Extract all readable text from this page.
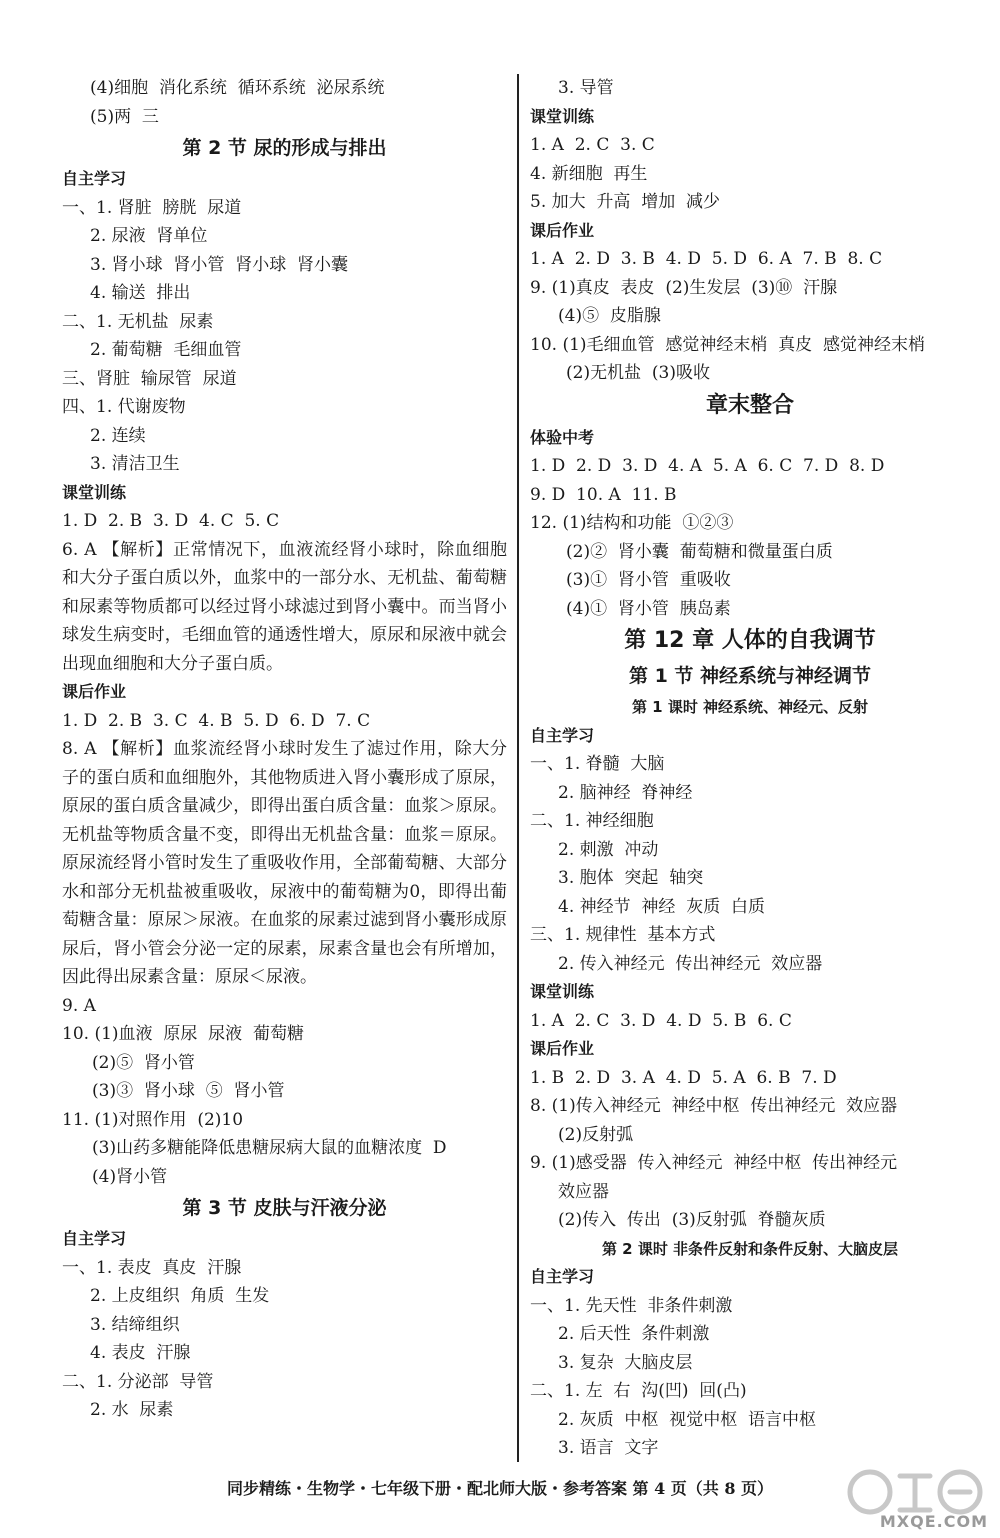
(4)细胞  消化系统  循环系统  泌尿系统
(5)两  三
第 2 节 尿的形成与排出
自主学习
一、1. 肾脏  膀胱  尿道
2. 尿液  肾单位
3. 肾小球  肾小管  肾小球  肾小囊
4. 输送  排出
二、1. 无机盐  尿素
2. 葡萄糖  毛细血管
三、肾脏  输尿管  尿道
四、1. 代谢废物
2. 连续
3. 清洁卫生
课堂训练
1. D  2. B  3. D  4. C  5. C
6. A 【解析】正常情况下，血液流经肾小球时，除血细胞和大分子蛋白质以外，血浆中的一部分水、无机盐、葡萄糖和尿素等物质都可以经过肾小球滤过到肾小囊中。而当肾小球发生病变时，毛细血管的通透性增大，原尿和尿液中就会出现血细胞和大分子蛋白质。
课后作业
1. D  2. B  3. C  4. B  5. D  6. D  7. C
8. A 【解析】血浆流经肾小球时发生了滤过作用，除大分子的蛋白质和血细胞外，其他物质进入肾小囊形成了原尿，原尿的蛋白质含量减少，即得出蛋白质含量：血浆＞原尿。无机盐等物质含量不变，即得出无机盐含量：血浆＝原尿。原尿流经肾小管时发生了重吸收作用，全部葡萄糖、大部分水和部分无机盐被重吸收，尿液中的葡萄糖为0，即得出葡萄糖含量：原尿＞尿液。在血浆的尿素过滤到肾小囊形成原尿后，肾小管会分泌一定的尿素，尿素含量也会有所增加，因此得出尿素含量：原尿＜尿液。
9. A
10. (1)血液  原尿  尿液  葡萄糖
(2)⑤  肾小管
(3)③  肾小球  ⑤  肾小管
11. (1)对照作用  (2)10
(3)山药多糖能降低患糖尿病大鼠的血糖浓度  D
(4)肾小管
第 3 节 皮肤与汗液分泌
自主学习
一、1. 表皮  真皮  汗腺
2. 上皮组织  角质  生发
3. 结缔组织
4. 表皮  汗腺
二、1. 分泌部  导管
2. 水  尿素
3. 导管
课堂训练
1. A  2. C  3. C
4. 新细胞  再生
5. 加大  升高  增加  减少
课后作业
1. A  2. D  3. B  4. D  5. D  6. A  7. B  8. C
9. (1)真皮  表皮  (2)生发层  (3)⑩  汗腺
(4)⑤  皮脂腺
10. (1)毛细血管  感觉神经末梢  真皮  感觉神经末梢
(2)无机盐  (3)吸收
章末整合
体验中考
1. D  2. D  3. D  4. A  5. A  6. C  7. D  8. D
9. D  10. A  11. B
12. (1)结构和功能  ①②③
(2)②  肾小囊  葡萄糖和微量蛋白质
(3)①  肾小管  重吸收
(4)①  肾小管  胰岛素
第 12 章 人体的自我调节
第 1 节 神经系统与神经调节
第 1 课时 神经系统、神经元、反射
自主学习
一、1. 脊髓  大脑
2. 脑神经  脊神经
二、1. 神经细胞
2. 刺激  冲动
3. 胞体  突起  轴突
4. 神经节  神经  灰质  白质
三、1. 规律性  基本方式
2. 传入神经元  传出神经元  效应器
课堂训练
1. A  2. C  3. D  4. D  5. B  6. C
课后作业
1. B  2. D  3. A  4. D  5. A  6. B  7. D
8. (1)传入神经元  神经中枢  传出神经元  效应器
(2)反射弧
9. (1)感受器  传入神经元  神经中枢  传出神经元
效应器
(2)传入  传出  (3)反射弧  脊髓灰质
第 2 课时 非条件反射和条件反射、大脑皮层
自主学习
一、1. 先天性  非条件刺激
2. 后天性  条件刺激
3. 复杂  大脑皮层
二、1. 左  右  沟(凹)  回(凸)
2. 灰质  中枢  视觉中枢  语言中枢
3. 语言  文字
同步精练・生物学・七年级下册・配北师大版・参考答案 第 4 页（共 8 页）
MXQE.COM
